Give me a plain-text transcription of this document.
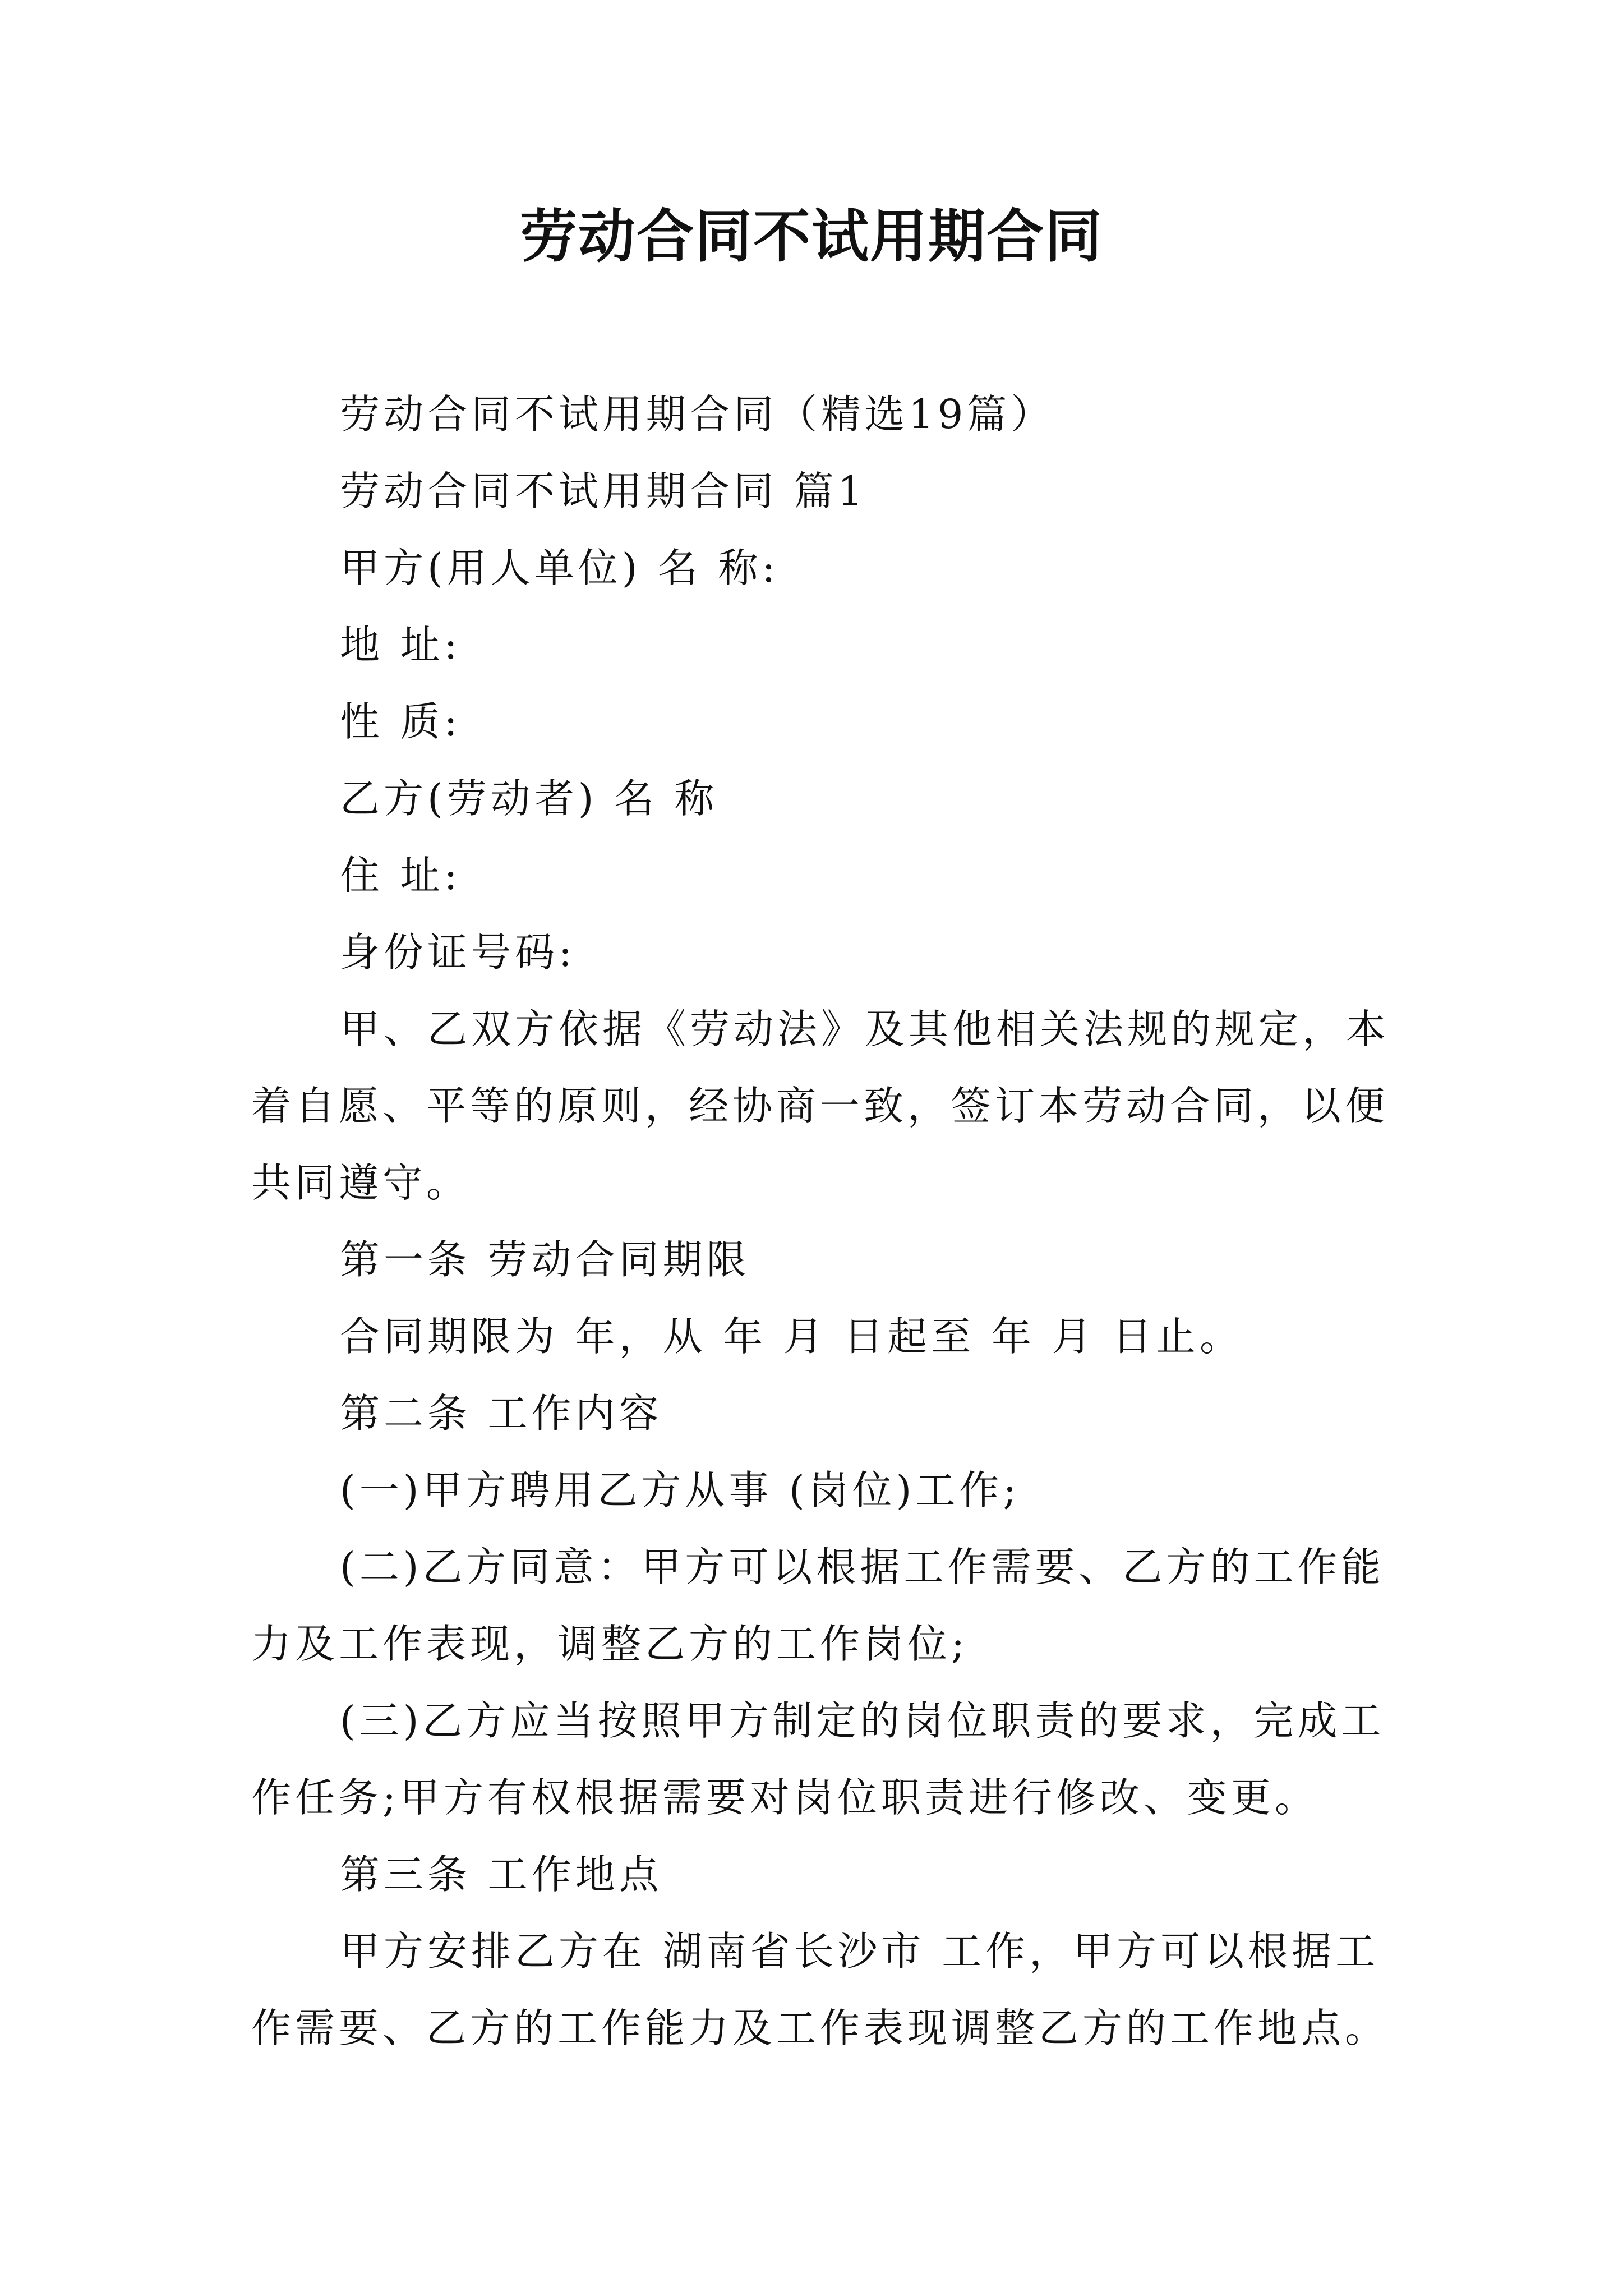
劳动合同不试用期合同

劳动合同不试用期合同（精选19篇）

劳动合同不试用期合同 篇1

甲方(用人单位) 名 称:

地 址:

性 质:

乙方(劳动者) 名 称

住 址:

身份证号码:

甲、乙双方依据《劳动法》及其他相关法规的规定，本着自愿、平等的原则，经协商一致，签订本劳动合同，以便共同遵守。

第一条 劳动合同期限

合同期限为 年，从 年 月 日起至 年 月 日止。

第二条 工作内容

(一)甲方聘用乙方从事 (岗位)工作;

(二)乙方同意：甲方可以根据工作需要、乙方的工作能力及工作表现，调整乙方的工作岗位;

(三)乙方应当按照甲方制定的岗位职责的要求，完成工作任务;甲方有权根据需要对岗位职责进行修改、变更。

第三条 工作地点

甲方安排乙方在 湖南省长沙市 工作，甲方可以根据工作需要、乙方的工作能力及工作表现调整乙方的工作地点。
